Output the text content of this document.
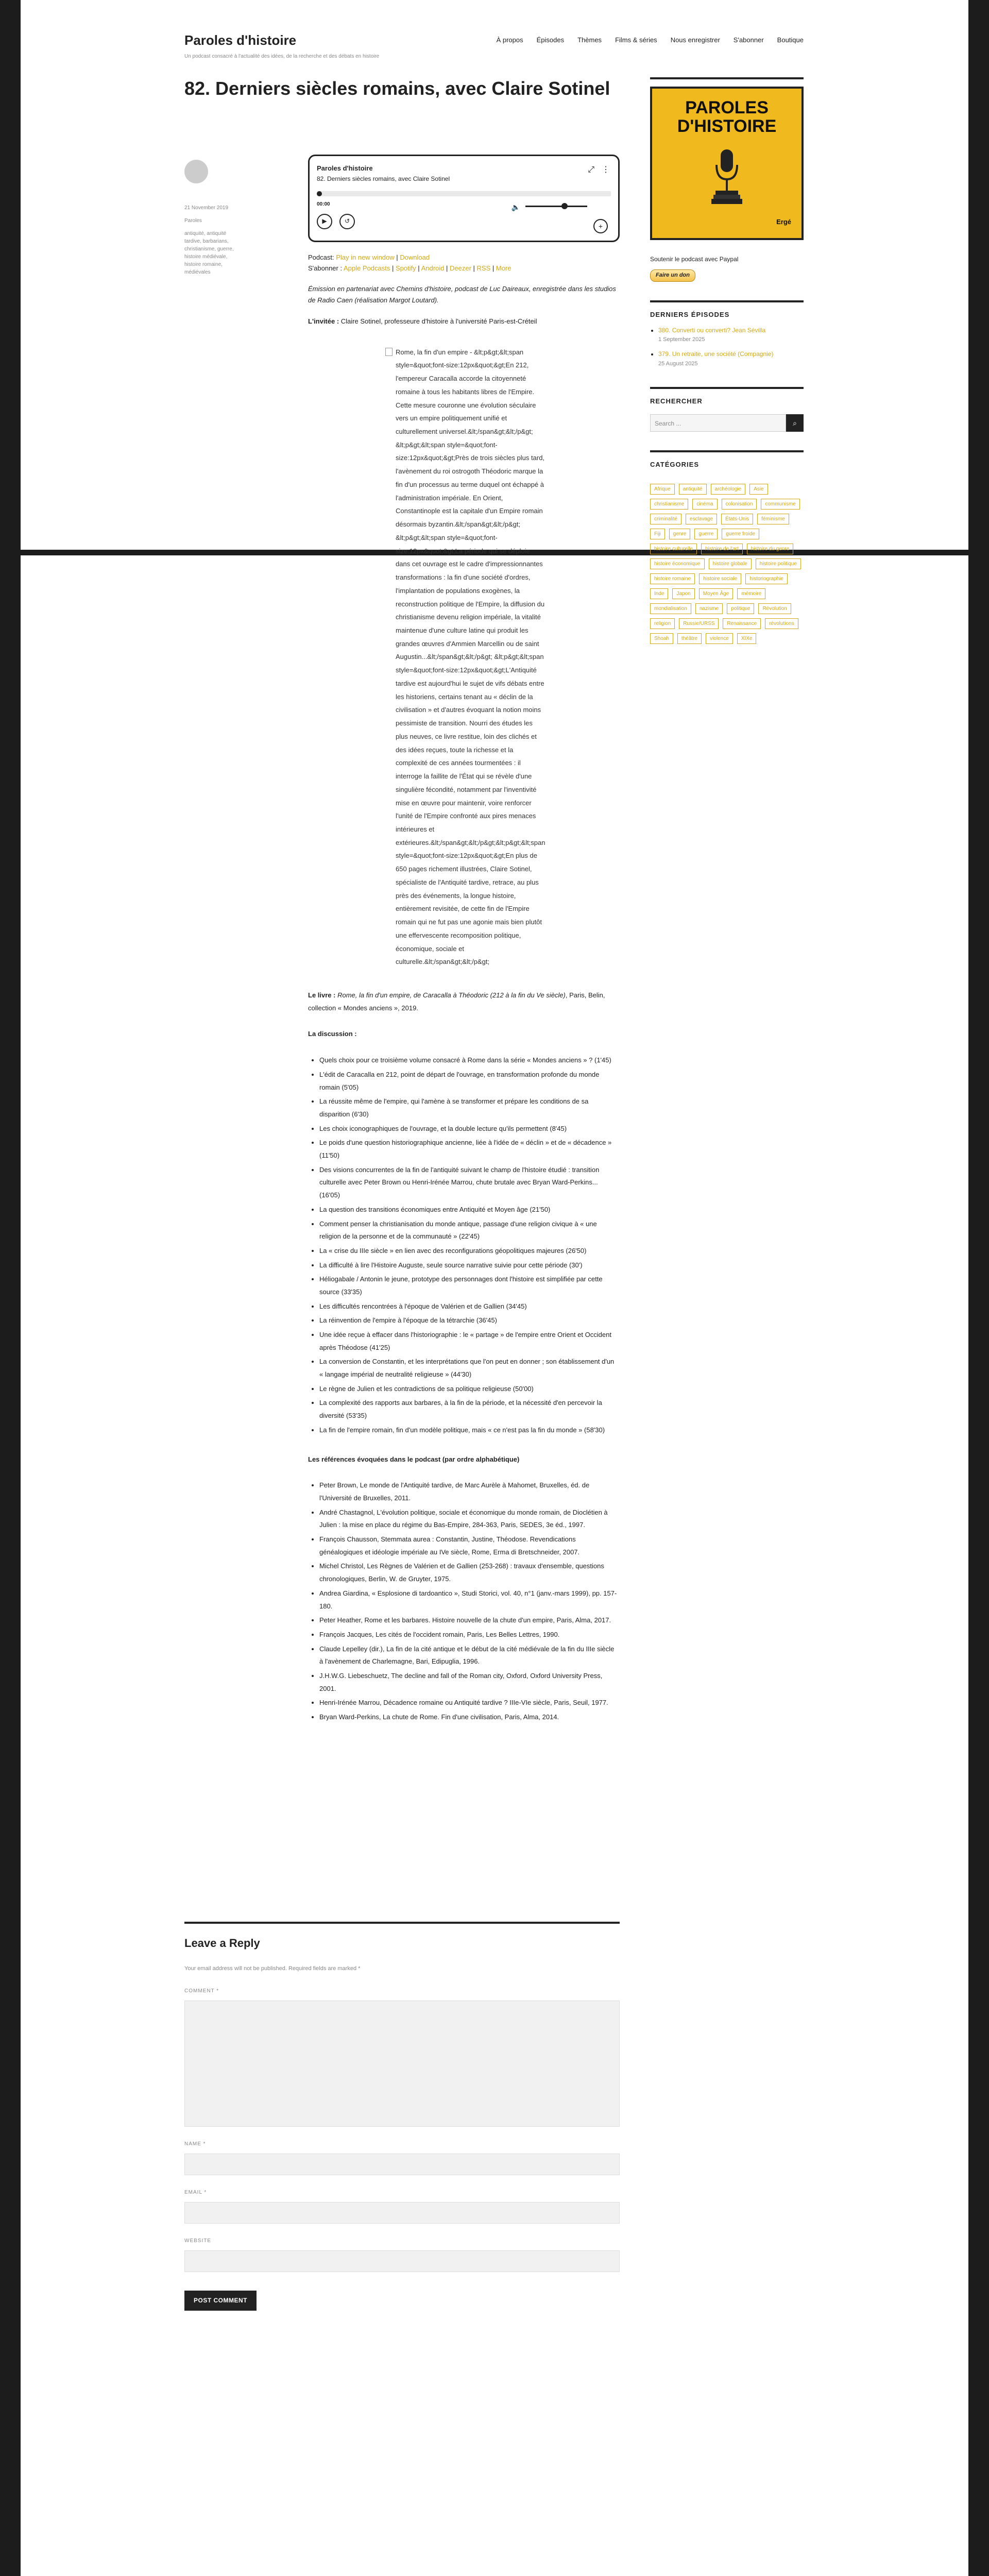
Paroles d'histoire
Un podcast consacré à l'actualité des idées, de la recherche et des débats en histoire
À propos Épisodes Thèmes Films & séries Nous enregistrer S'abonner Boutique
82. Derniers siècles romains, avec Claire Sotinel

21 November 2019

Paroles

antiquité, antiquité tardive, barbarians, christianisme, guerre, histoire médiévale, histoire romaine, médiévales

Paroles d'histoire
82. Derniers siècles romains, avec Claire Sotinel
⤢ ⋮
00:00
▶	↺
🔈
+
Podcast: Play in new window | Download
S'abonner : Apple Podcasts | Spotify | Android | Deezer | RSS | More

Émission en partenariat avec Chemins d'histoire, podcast de Luc Daireaux, enregistrée dans les studios de Radio Caen (réalisation Margot Loutard).

L'invitée : Claire Sotinel, professeure d'histoire à l'université Paris-est-Créteil

Rome, la fin d'un empire - &lt;p&gt;&lt;span style=&quot;font-size:12px&quot;&gt;En 212, l'empereur Caracalla accorde la citoyenneté romaine à tous les habitants libres de l'Empire. Cette mesure couronne une évolution séculaire vers un empire politiquement unifié et culturellement universel.&lt;/span&gt;&lt;/p&gt; &lt;p&gt;&lt;span style=&quot;font-size:12px&quot;&gt;Près de trois siècles plus tard, l'avènement du roi ostrogoth Théodoric marque la fin d'un processus au terme duquel ont échappé à l'administration impériale. En Orient, Constantinople est la capitale d'un Empire romain désormais byzantin.&lt;/span&gt;&lt;/p&gt; &lt;p&gt;&lt;span style=&quot;font-size:12px&quot;&gt;La période qui se déploie dans cet ouvrage est le cadre d'impressionnantes transformations : la fin d'une société d'ordres, l'implantation de populations exogènes, la reconstruction politique de l'Empire, la diffusion du christianisme devenu religion impériale, la vitalité maintenue d'une culture latine qui produit les grandes œuvres d'Ammien Marcellin ou de saint Augustin...&lt;/span&gt;&lt;/p&gt; &lt;p&gt;&lt;span style=&quot;font-size:12px&quot;&gt;L'Antiquité tardive est aujourd'hui le sujet de vifs débats entre les historiens, certains tenant au « déclin de la civilisation » et d'autres évoquant la notion moins pessimiste de transition. Nourri des études les plus neuves, ce livre restitue, loin des clichés et des idées reçues, toute la richesse et la complexité de ces années tourmentées : il interroge la faillite de l'État qui se révèle d'une singulière fécondité, notamment par l'inventivité mise en œuvre pour maintenir, voire renforcer l'unité de l'Empire confronté aux pires menaces intérieures et extérieures.&lt;/span&gt;&lt;/p&gt;&lt;p&gt;&lt;span style=&quot;font-size:12px&quot;&gt;En plus de 650 pages richement illustrées, Claire Sotinel, spécialiste de l'Antiquité tardive, retrace, au plus près des événements, la longue histoire, entièrement revisitée, de cette fin de l'Empire romain qui ne fut pas une agonie mais bien plutôt une effervescente recomposition politique, économique, sociale et culturelle.&lt;/span&gt;&lt;/p&gt;

Le livre : Rome, la fin d'un empire, de Caracalla à Théodoric (212 à la fin du Ve siècle), Paris, Belin, collection « Mondes anciens », 2019.

La discussion :

• Quels choix pour ce troisième volume consacré à Rome dans la série « Mondes anciens » ? (1'45)
• L'édit de Caracalla en 212, point de départ de l'ouvrage, en transformation profonde du monde romain (5'05)
• La réussite même de l'empire, qui l'amène à se transformer et prépare les conditions de sa disparition (6'30)
• Les choix iconographiques de l'ouvrage, et la double lecture qu'ils permettent (8'45)
• Le poids d'une question historiographique ancienne, liée à l'idée de « déclin » et de « décadence » (11'50)
• Des visions concurrentes de la fin de l'antiquité suivant le champ de l'histoire étudié : transition culturelle avec Peter Brown ou Henri-Irénée Marrou, chute brutale avec Bryan Ward-Perkins... (16'05)
• La question des transitions économiques entre Antiquité et Moyen âge (21'50)
• Comment penser la christianisation du monde antique, passage d'une religion civique à « une religion de la personne et de la communauté » (22'45)
• La « crise du IIIe siècle » en lien avec des reconfigurations géopolitiques majeures (26'50)
• La difficulté à lire l'Histoire Auguste, seule source narrative suivie pour cette période (30')
• Héliogabale / Antonin le jeune, prototype des personnages dont l'histoire est simplifiée par cette source (33'35)
• Les difficultés rencontrées à l'époque de Valérien et de Gallien (34'45)
• La réinvention de l'empire à l'époque de la tétrarchie (36'45)
• Une idée reçue à effacer dans l'historiographie : le « partage » de l'empire entre Orient et Occident après Théodose (41'25)
• La conversion de Constantin, et les interprétations que l'on peut en donner ; son établissement d'un « langage impérial de neutralité religieuse » (44'30)
• Le règne de Julien et les contradictions de sa politique religieuse (50'00)
• La complexité des rapports aux barbares, à la fin de la période, et la nécessité d'en percevoir la diversité (53'35)
• La fin de l'empire romain, fin d'un modèle politique, mais « ce n'est pas la fin du monde » (58'30)

Les références évoquées dans le podcast (par ordre alphabétique)

• Peter Brown, Le monde de l'Antiquité tardive, de Marc Aurèle à Mahomet, Bruxelles, éd. de l'Université de Bruxelles, 2011.
• André Chastagnol, L'évolution politique, sociale et économique du monde romain, de Dioclétien à Julien : la mise en place du régime du Bas-Empire, 284-363, Paris, SEDES, 3e éd., 1997.
• François Chausson, Stemmata aurea : Constantin, Justine, Théodose. Revendications généalogiques et idéologie impériale au IVe siècle, Rome, Erma di Bretschneider, 2007.
• Michel Christol, Les Règnes de Valérien et de Gallien (253-268) : travaux d'ensemble, questions chronologiques, Berlin, W. de Gruyter, 1975.
• Andrea Giardina, « Esplosione di tardoantico », Studi Storici, vol. 40, n°1 (janv.-mars 1999), pp. 157-180.
• Peter Heather, Rome et les barbares. Histoire nouvelle de la chute d'un empire, Paris, Alma, 2017.
• François Jacques, Les cités de l'occident romain, Paris, Les Belles Lettres, 1990.
• Claude Lepelley (dir.), La fin de la cité antique et le début de la cité médiévale de la fin du IIIe siècle à l'avènement de Charlemagne, Bari, Edipuglia, 1996.
• J.H.W.G. Liebeschuetz, The decline and fall of the Roman city, Oxford, Oxford University Press, 2001.
• Henri-Irénée Marrou, Décadence romaine ou Antiquité tardive ? IIIe-VIe siècle, Paris, Seuil, 1977.
• Bryan Ward-Perkins, La chute de Rome. Fin d'une civilisation, Paris, Alma, 2014.
Leave a Reply

Your email address will not be published. Required fields are marked *

COMMENT *
NAME *
EMAIL *
WEBSITE
POST COMMENT

PAROLES
D'HISTOIRE
Ergé

Soutenir le podcast avec Paypal

Faire un don
DERNIERS ÉPISODES
• 380. Converti ou converti? Jean Sévilla
1 September 2025
• 379. Un retraite, une société (Compagnie)
25 August 2025
RECHERCHER
Search ...	⌕
CATÉGORIES
Afrique	antiquité	archéologie	Asie
christianisme	cinéma	colonisation	communisme
criminalité	esclavage	États-Unis	féminisme
Fiji	genre	guerre	guerre froide
histoire culturelle	histoire de l'art	histoire du genre
histoire économique	histoire globale	histoire politique
histoire romaine	histoire sociale	historiographie
Inde	Japon	Moyen Âge	mémoire
mondialisation	nazisme	politique	Révolution
religion	Russie/URSS	Renaissance	révolutions
Shoah	théâtre	violence	XIXe
